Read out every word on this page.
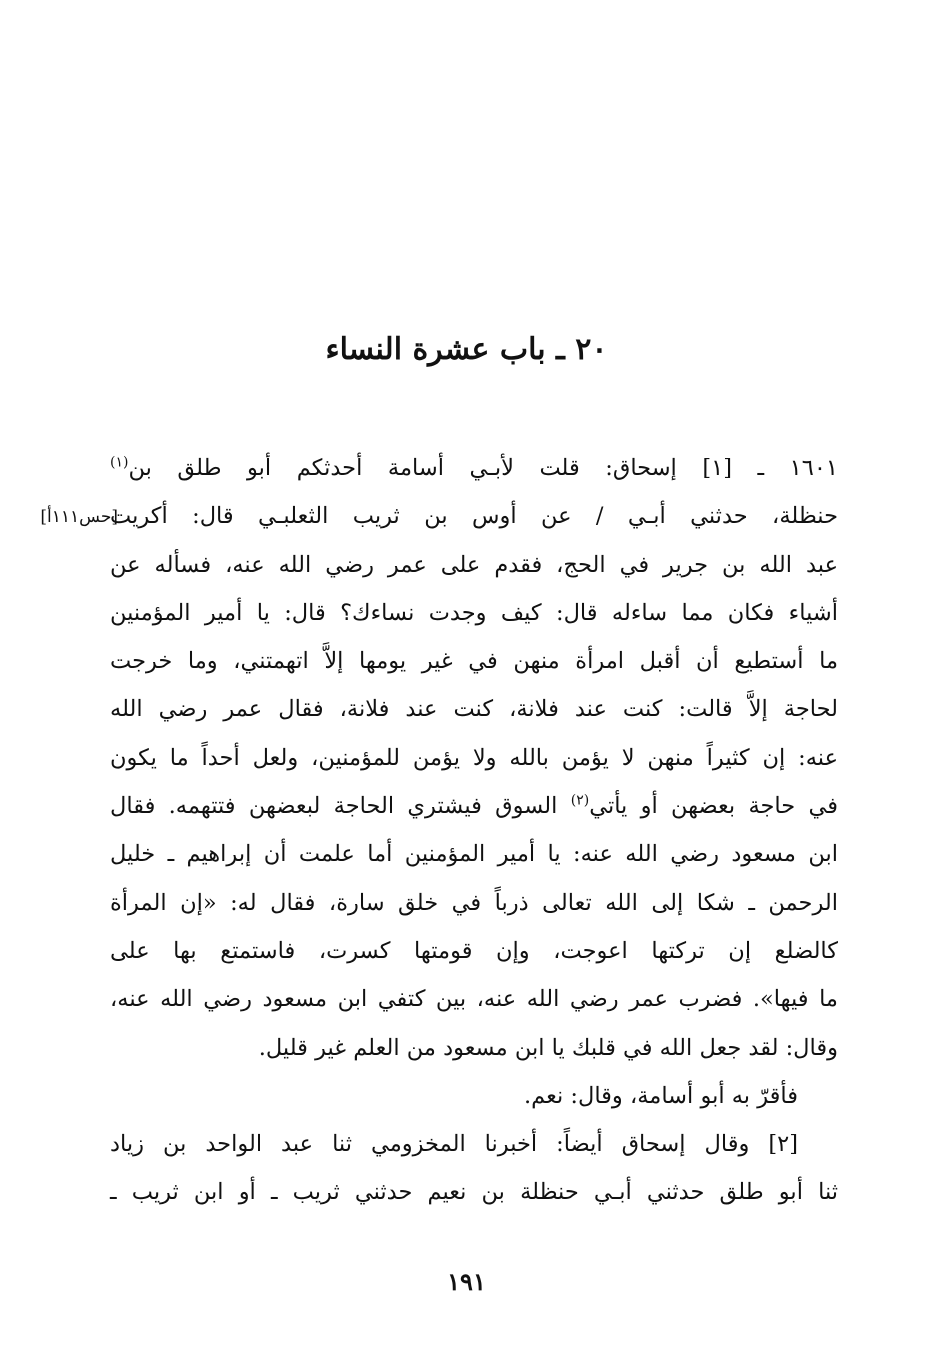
٢٠ ـ باب عشرة النساء
[حس١١١أ]
١٦٠١ ـ [١] إسحاق: قلت لأبـي أسامة أحدثكم أبو طلق بن$^{(١)}$
حنظلة، حدثني أبـي / عن أوس بن ثريب الثعلبـي قال: أكريت
عبد الله بن جرير في الحج، فقدم على عمر رضي الله عنه، فسأله عن
أشياء فكان مما ساءله قال: كيف وجدت نساءك؟ قال: يا أمير المؤمنين
ما أستطيع أن أقبل امرأة منهن في غير يومها إلاَّ اتهمتني، وما خرجت
لحاجة إلاَّ قالت: كنت عند فلانة، كنت عند فلانة، فقال عمر رضي الله
عنه: إن كثيراً منهن لا يؤمن بالله ولا يؤمن للمؤمنين، ولعل أحداً ما يكون
في حاجة بعضهن أو يأتي$^{(٢)}$ السوق فيشتري الحاجة لبعضهن فتتهمه. فقال
ابن مسعود رضي الله عنه: يا أمير المؤمنين أما علمت أن إبراهيم ـ خليل
الرحمن ـ شكا إلى الله تعالى ذرباً في خلق سارة، فقال له: «إن المرأة
كالضلع إن تركتها اعوجت، وإن قومتها كسرت، فاستمتع بها على
ما فيها». فضرب عمر رضي الله عنه، بين كتفي ابن مسعود رضي الله عنه،
وقال: لقد جعل الله في قلبك يا ابن مسعود من العلم غير قليل.
فأقرّ به أبو أسامة، وقال: نعم.
[٢] وقال إسحاق أيضاً: أخبرنا المخزومي ثنا عبد الواحد بن زياد
ثنا أبو طلق حدثني أبـي حنظلة بن نعيم حدثني ثريب ـ أو ابن ثريب ـ
١٩١
